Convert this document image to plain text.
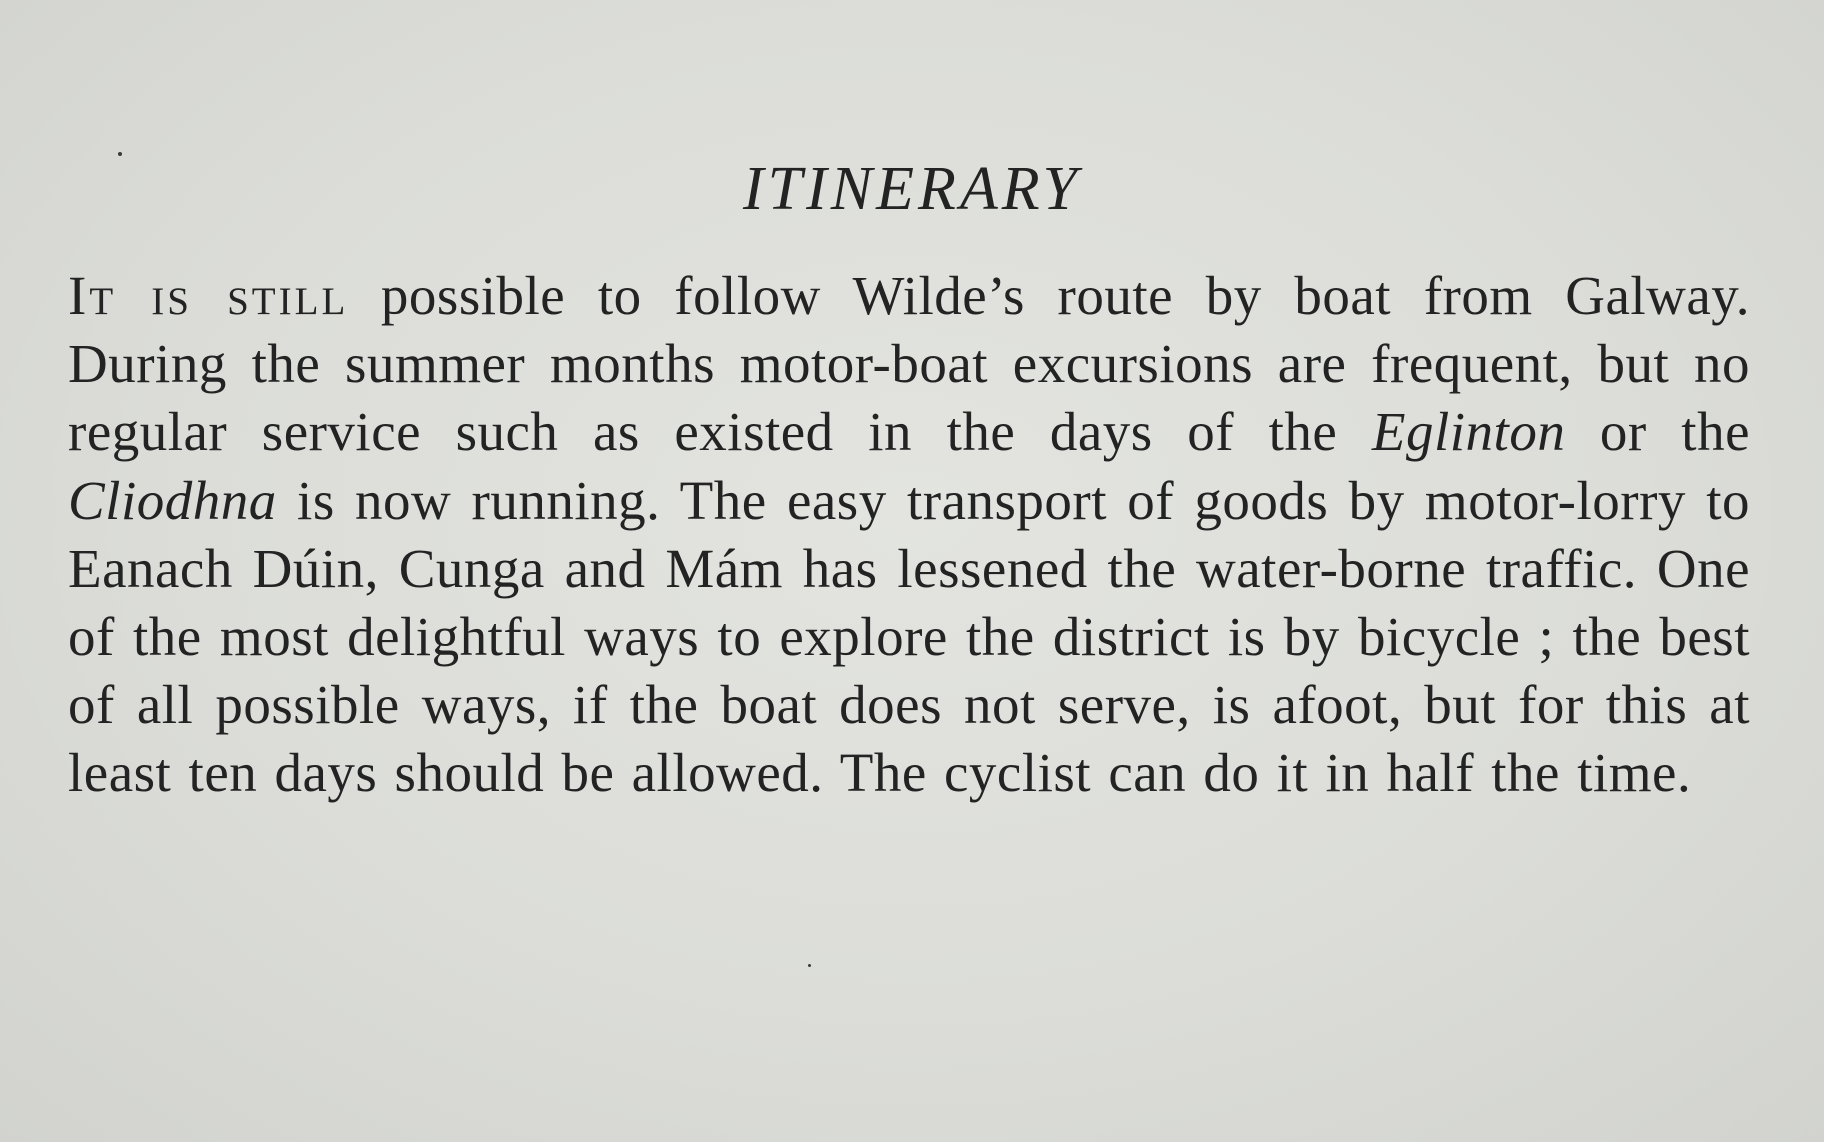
ITINERARY

It is still possible to follow Wilde’s route by boat from Galway. During the summer months motor-boat excursions are frequent, but no regular service such as existed in the days of the Eglinton or the Cliodhna is now running. The easy transport of goods by motor-lorry to Eanach Dúin, Cunga and Mám has lessened the water-borne traffic. One of the most delightful ways to explore the district is by bicycle ; the best of all possible ways, if the boat does not serve, is afoot, but for this at least ten days should be allowed. The cyclist can do it in half the time.
